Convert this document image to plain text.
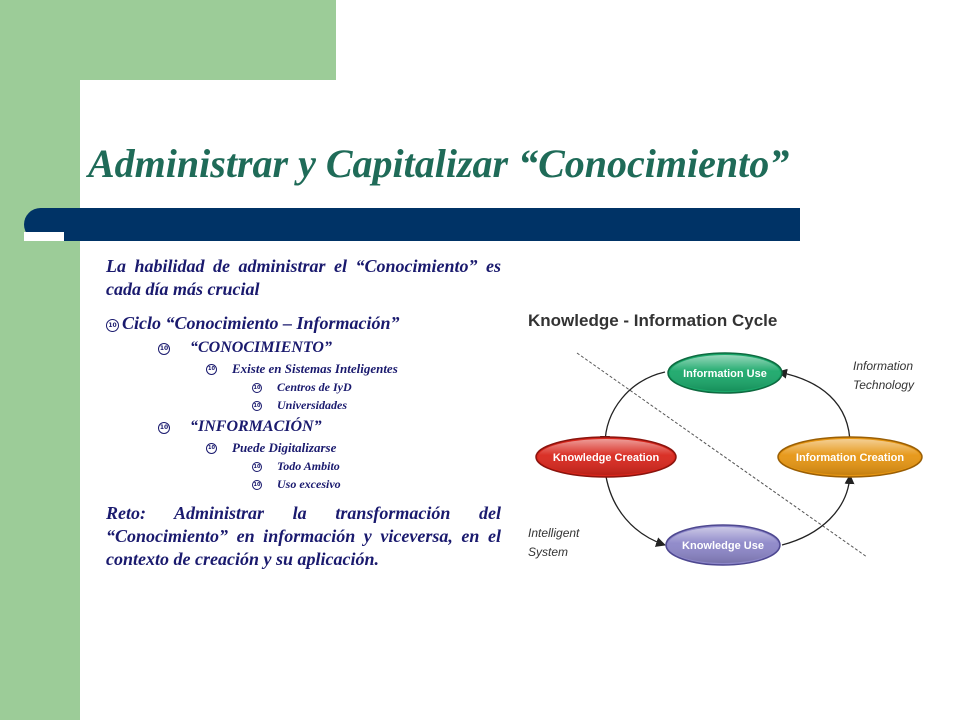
Administrar y Capitalizar “Conocimiento”

La habilidad de administrar el “Conocimiento” es cada día más crucial

10 Ciclo “Conocimiento – Información”
10 “CONOCIMIENTO”
10 Existe en Sistemas Inteligentes
10 Centros de IyD
10 Universidades
10 “INFORMACIÓN”
10 Puede Digitalizarse
10 Todo Ambito
10 Uso excesivo

Reto: Administrar la transformación del “Conocimiento” en información y viceversa, en el contexto de creación y su aplicación.

Knowledge - Information Cycle
Information Use
Information Creation
Knowledge Creation
Knowledge Use
Information
Technology
Intelligent
System
